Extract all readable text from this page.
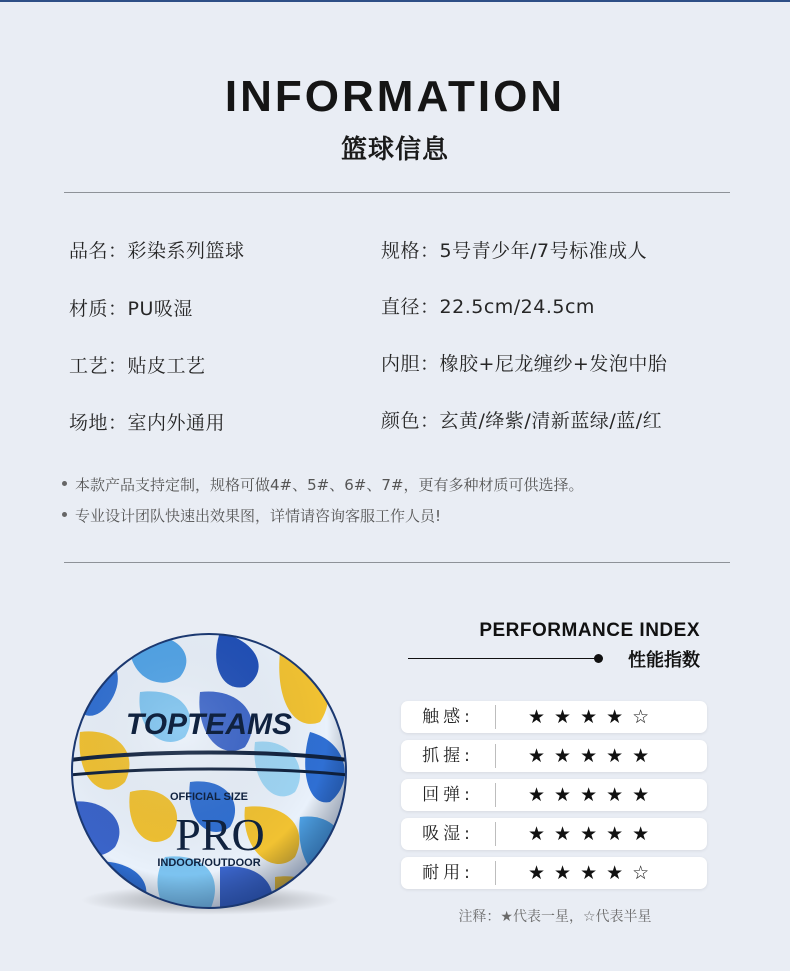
INFORMATION
篮球信息
品名：彩染系列篮球	规格：5号青少年/7号标准成人
材质：PU吸湿	直径：22.5cm/24.5cm
工艺：贴皮工艺	内胆：橡胶+尼龙缠纱+发泡中胎
场地：室内外通用	颜色：玄黄/绛紫/清新蓝绿/蓝/红
本款产品支持定制，规格可做4#、5#、6#、7#，更有多种材质可供选择。
专业设计团队快速出效果图，详情请咨询客服工作人员!
TOPTEAMS
OFFICIAL SIZE
PRO
INDOOR/OUTDOOR
PERFORMANCE INDEX
性能指数
触感:	★★★★☆
抓握:	★★★★★
回弹:	★★★★★
吸湿:	★★★★★
耐用:	★★★★☆
注释：★代表一星，☆代表半星
